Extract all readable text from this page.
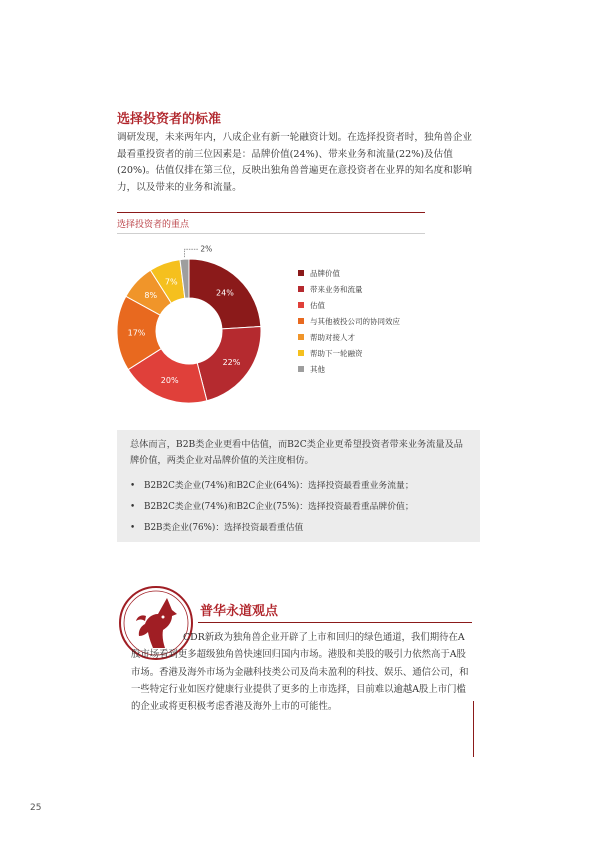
选择投资者的标准

调研发现，未来两年内，八成企业有新一轮融资计划。在选择投资者时，独角兽企业最看重投资者的前三位因素是：品牌价值(24%)、带来业务和流量(22%)及估值(20%)。估值仅排在第三位，反映出独角兽普遍更在意投资者在业界的知名度和影响力，以及带来的业务和流量。

选择投资者的重点

24%
22%
20%
17%
8%
7%
2%
品牌价值
带来业务和流量
估值
与其他被投公司的协同效应
帮助对接人才
帮助下一轮融资
其他

总体而言，B2B类企业更看中估值，而B2C类企业更希望投资者带来业务流量及品牌价值，两类企业对品牌价值的关注度相仿。

• B2B2C类企业(74%)和B2C企业(64%)：选择投资最看重业务流量；
• B2B2C类企业(74%)和B2C企业(75%)：选择投资最看重品牌价值；
• B2B类企业(76%)：选择投资最看重估值
普华永道观点

CDR新政为独角兽企业开辟了上市和回归的绿色通道，我们期待在A股市场看到更多超级独角兽快速回归国内市场。港股和美股的吸引力依然高于A股市场。香港及海外市场为金融科技类公司及尚未盈利的科技、娱乐、通信公司，和一些特定行业如医疗健康行业提供了更多的上市选择，目前难以逾越A股上市门槛的企业或将更积极考虑香港及海外上市的可能性。

25
